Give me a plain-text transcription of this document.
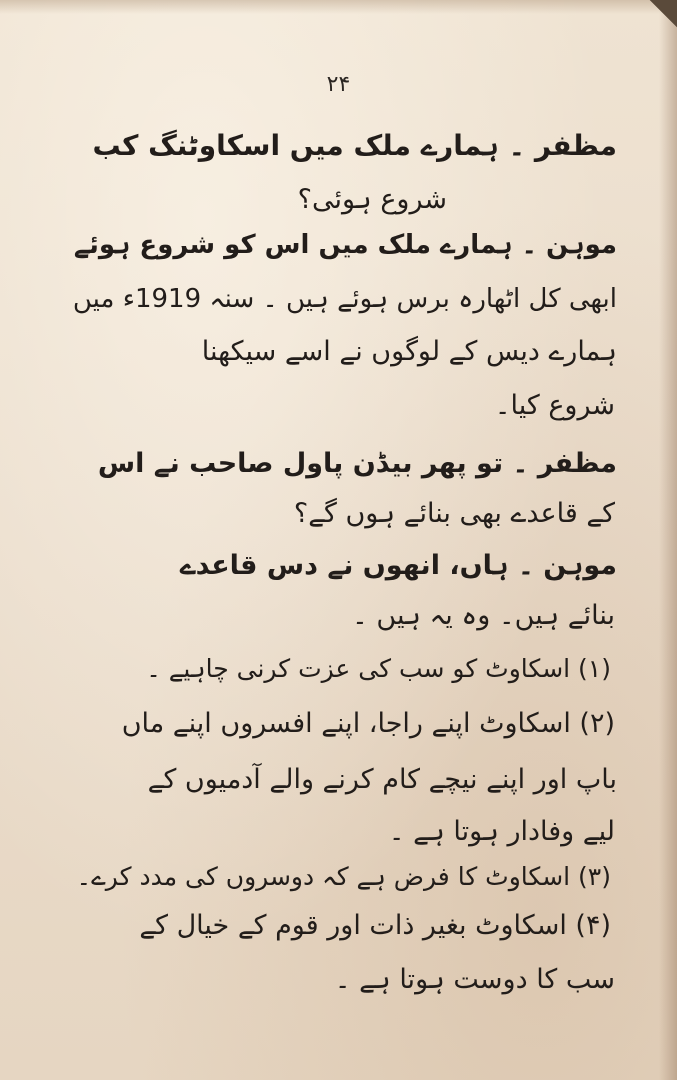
۲۴
مظفر ۔ ہمارے ملک میں اسکاوٹنگ کب
شروع ہوئی؟
موہن ۔ ہمارے ملک میں اس کو شروع ہوئے
ابھی کل اٹھارہ برس ہوئے ہیں ۔ سنہ 1919ء میں
ہمارے دیس کے لوگوں نے اسے سیکھنا
شروع کیا۔
مظفر ۔ تو پھر بیڈن پاول صاحب نے اس
کے قاعدے بھی بنائے ہوں گے؟
موہن ۔ ہاں، انھوں نے دس قاعدے
بنائے ہیں۔ وہ یہ ہیں ۔
(۱) اسکاوٹ کو سب کی عزت کرنی چاہیے ۔
(۲) اسکاوٹ اپنے راجا، اپنے افسروں اپنے ماں
باپ اور اپنے نیچے کام کرنے والے آدمیوں کے
لیے وفادار ہوتا ہے ۔
(۳) اسکاوٹ کا فرض ہے کہ دوسروں کی مدد کرے۔
(۴) اسکاوٹ بغیر ذات اور قوم کے خیال کے
سب کا دوست ہوتا ہے ۔
